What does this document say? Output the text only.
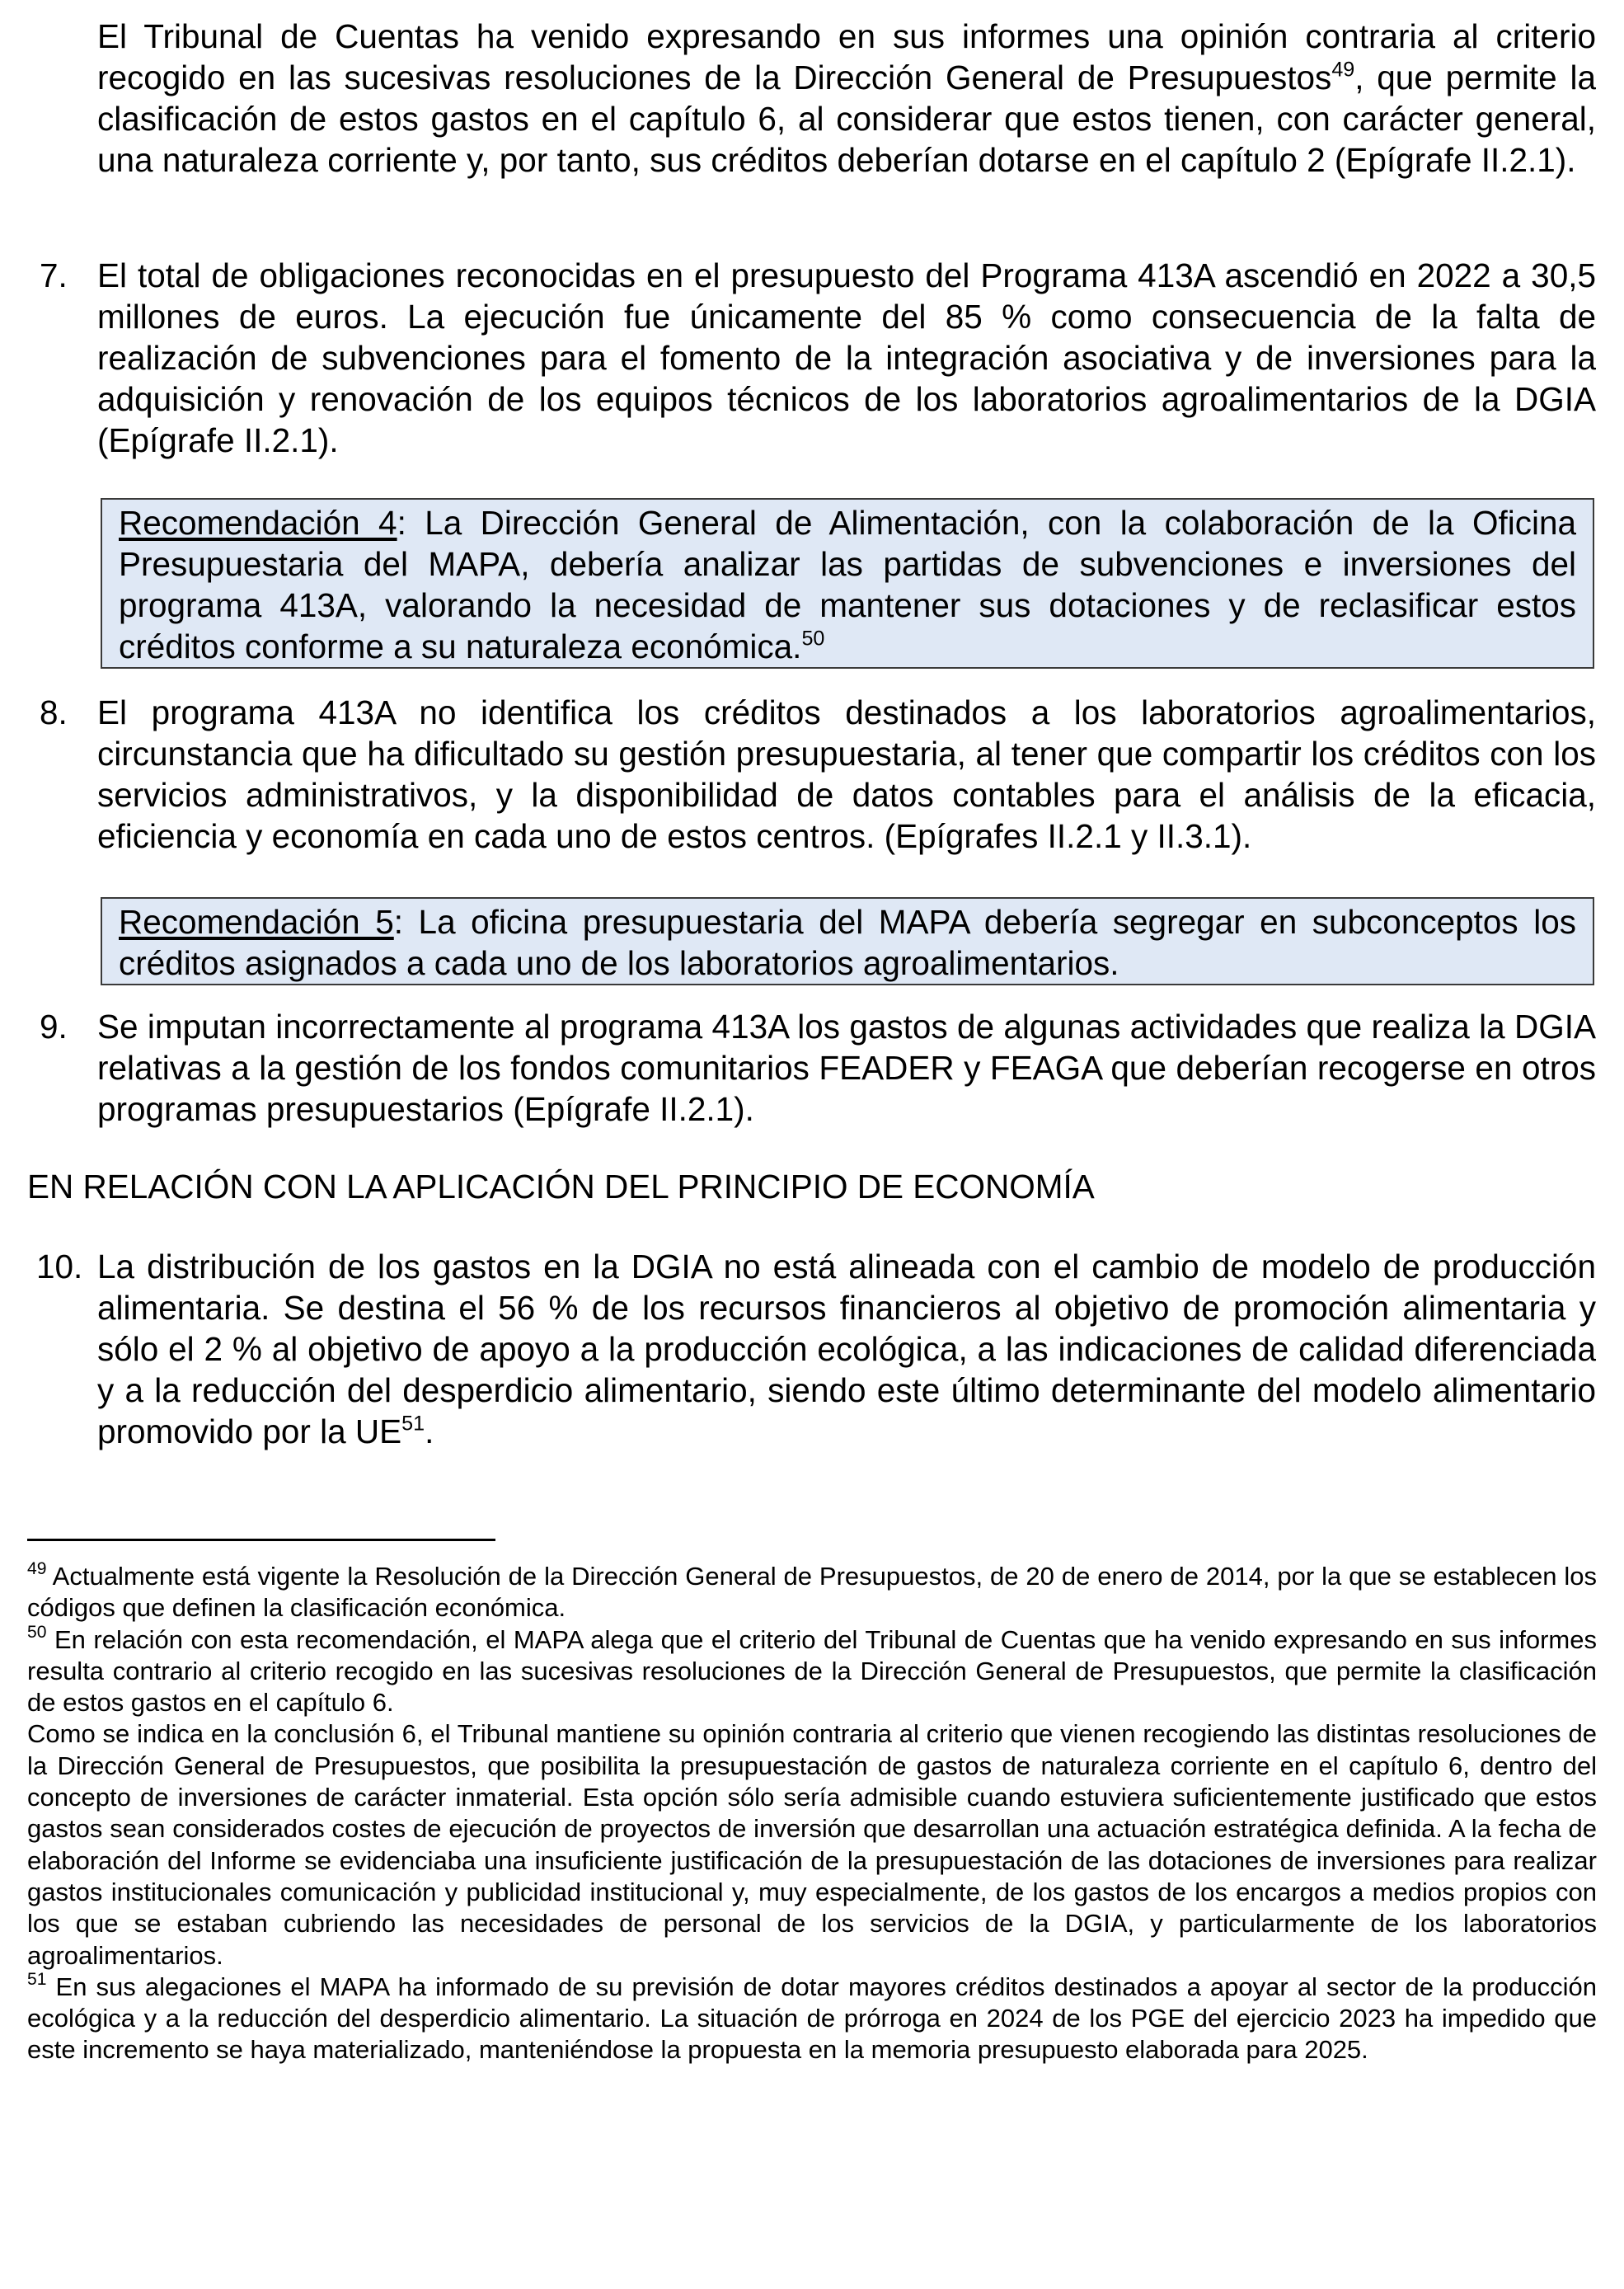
El Tribunal de Cuentas ha venido expresando en sus informes una opinión contraria al criterio recogido en las sucesivas resoluciones de la Dirección General de Presupuestos$^{49}$, que permite la clasificación de estos gastos en el capítulo 6, al considerar que estos tienen, con carácter general, una naturaleza corriente y, por tanto, sus créditos deberían dotarse en el capítulo 2 (Epígrafe II.2.1).
7. El total de obligaciones reconocidas en el presupuesto del Programa 413A ascendió en 2022 a 30,5 millones de euros. La ejecución fue únicamente del 85 % como consecuencia de la falta de realización de subvenciones para el fomento de la integración asociativa y de inversiones para la adquisición y renovación de los equipos técnicos de los laboratorios agroalimentarios de la DGIA (Epígrafe II.2.1).
Recomendación 4: La Dirección General de Alimentación, con la colaboración de la Oficina Presupuestaria del MAPA, debería analizar las partidas de subvenciones e inversiones del programa 413A, valorando la necesidad de mantener sus dotaciones y de reclasificar estos créditos conforme a su naturaleza económica.$^{50}$
8. El programa 413A no identifica los créditos destinados a los laboratorios agroalimentarios, circunstancia que ha dificultado su gestión presupuestaria, al tener que compartir los créditos con los servicios administrativos, y la disponibilidad de datos contables para el análisis de la eficacia, eficiencia y economía en cada uno de estos centros. (Epígrafes II.2.1 y II.3.1).
Recomendación 5: La oficina presupuestaria del MAPA debería segregar en subconceptos los créditos asignados a cada uno de los laboratorios agroalimentarios.
9. Se imputan incorrectamente al programa 413A los gastos de algunas actividades que realiza la DGIA relativas a la gestión de los fondos comunitarios FEADER y FEAGA que deberían recogerse en otros programas presupuestarios (Epígrafe II.2.1).
EN RELACIÓN CON LA APLICACIÓN DEL PRINCIPIO DE ECONOMÍA
10. La distribución de los gastos en la DGIA no está alineada con el cambio de modelo de producción alimentaria. Se destina el 56 % de los recursos financieros al objetivo de promoción alimentaria y sólo el 2 % al objetivo de apoyo a la producción ecológica, a las indicaciones de calidad diferenciada y a la reducción del desperdicio alimentario, siendo este último determinante del modelo alimentario promovido por la UE$^{51}$.
$^{49}$ Actualmente está vigente la Resolución de la Dirección General de Presupuestos, de 20 de enero de 2014, por la que se establecen los códigos que definen la clasificación económica.
$^{50}$ En relación con esta recomendación, el MAPA alega que el criterio del Tribunal de Cuentas que ha venido expresando en sus informes resulta contrario al criterio recogido en las sucesivas resoluciones de la Dirección General de Presupuestos, que permite la clasificación de estos gastos en el capítulo 6.
Como se indica en la conclusión 6, el Tribunal mantiene su opinión contraria al criterio que vienen recogiendo las distintas resoluciones de la Dirección General de Presupuestos, que posibilita la presupuestación de gastos de naturaleza corriente en el capítulo 6, dentro del concepto de inversiones de carácter inmaterial. Esta opción sólo sería admisible cuando estuviera suficientemente justificado que estos gastos sean considerados costes de ejecución de proyectos de inversión que desarrollan una actuación estratégica definida. A la fecha de elaboración del Informe se evidenciaba una insuficiente justificación de la presupuestación de las dotaciones de inversiones para realizar gastos institucionales comunicación y publicidad institucional y, muy especialmente, de los gastos de los encargos a medios propios con los que se estaban cubriendo las necesidades de personal de los servicios de la DGIA, y particularmente de los laboratorios agroalimentarios.
$^{51}$ En sus alegaciones el MAPA ha informado de su previsión de dotar mayores créditos destinados a apoyar al sector de la producción ecológica y a la reducción del desperdicio alimentario. La situación de prórroga en 2024 de los PGE del ejercicio 2023 ha impedido que este incremento se haya materializado, manteniéndose la propuesta en la memoria presupuesto elaborada para 2025.
